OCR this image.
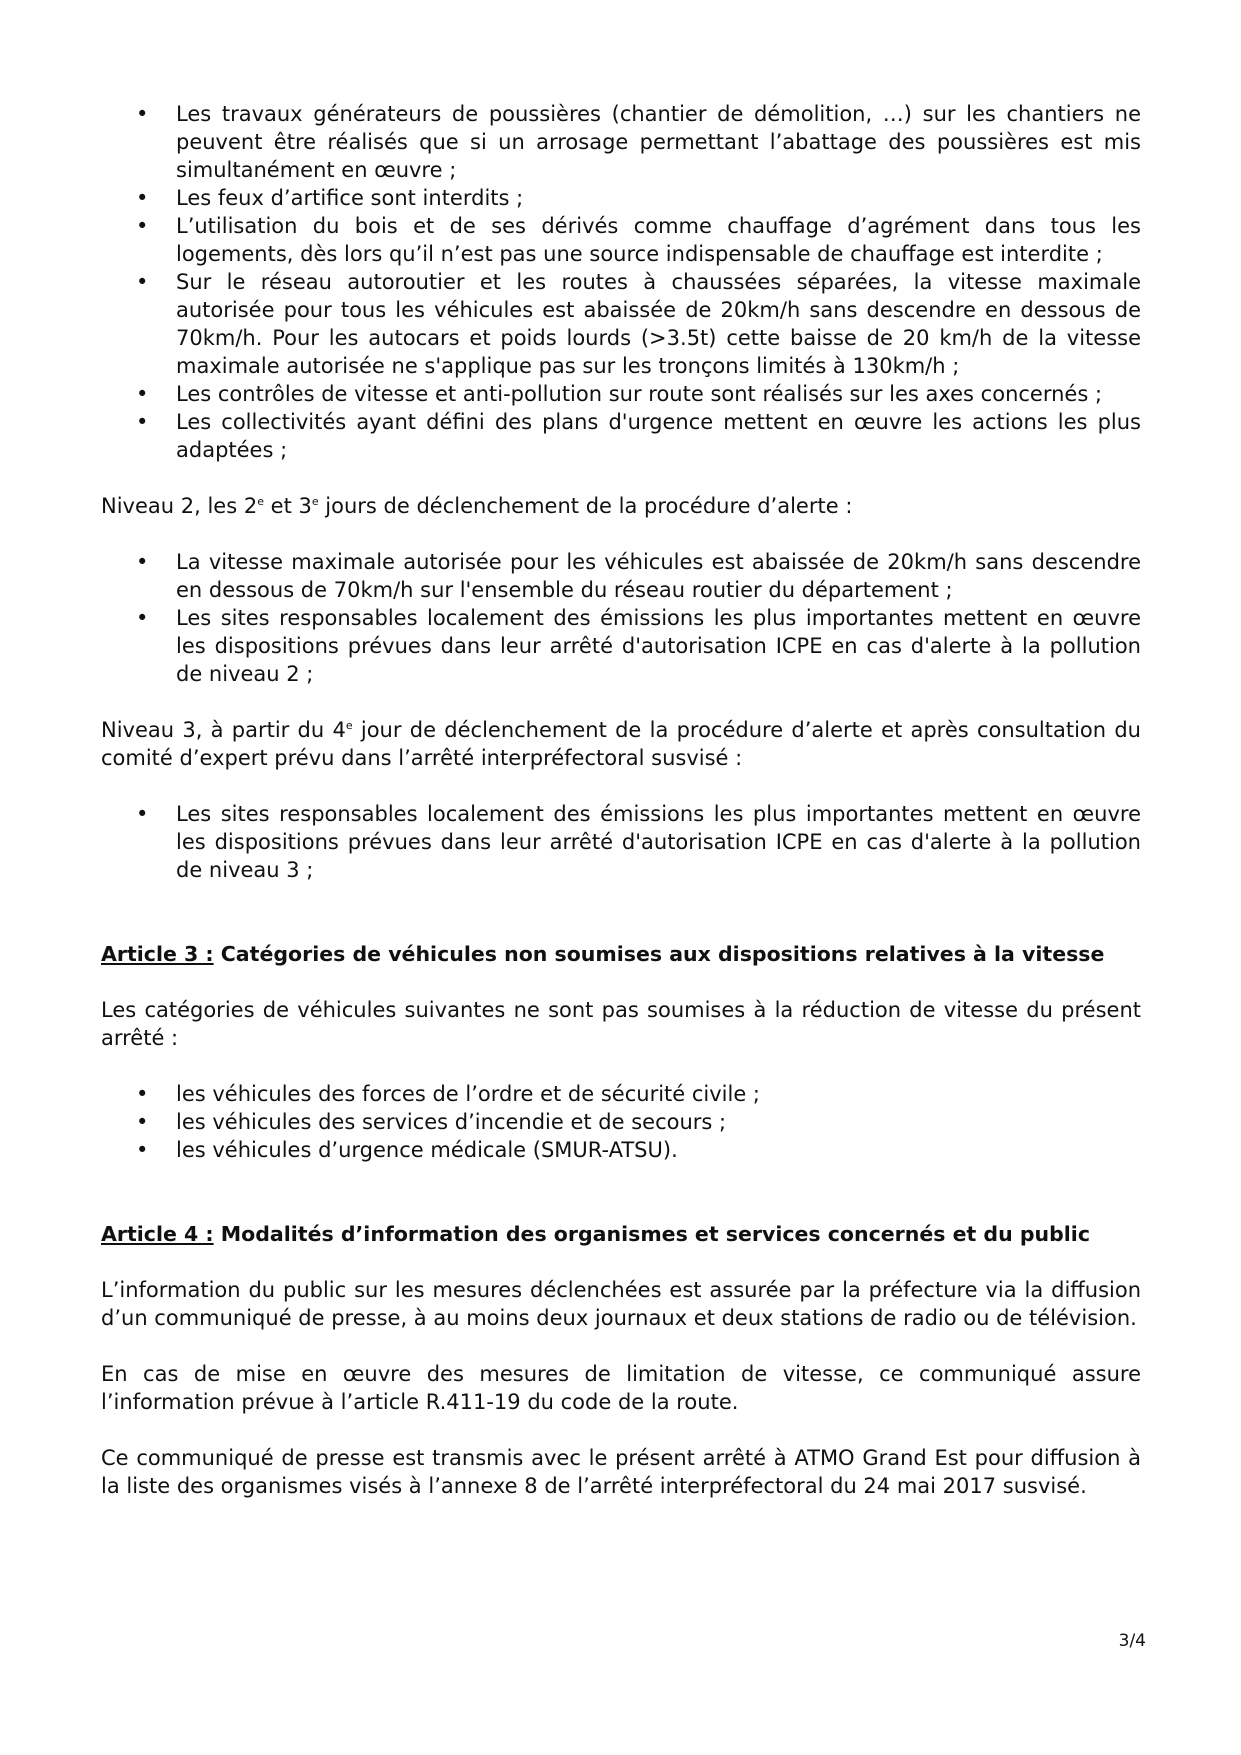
• Les travaux générateurs de poussières (chantier de démolition, …) sur les chantiers ne peuvent être réalisés que si un arrosage permettant l’abattage des poussières est mis simultanément en œuvre ;
• Les feux d’artifice sont interdits ;
• L’utilisation du bois et de ses dérivés comme chauffage d’agrément dans tous les logements, dès lors qu’il n’est pas une source indispensable de chauffage est interdite ;
• Sur le réseau autoroutier et les routes à chaussées séparées, la vitesse maximale autorisée pour tous les véhicules est abaissée de 20km/h sans descendre en dessous de 70km/h. Pour les autocars et poids lourds (>3.5t) cette baisse de 20 km/h de la vitesse maximale autorisée ne s'applique pas sur les tronçons limités à 130km/h ;
• Les contrôles de vitesse et anti-pollution sur route sont réalisés sur les axes concernés ;
• Les collectivités ayant défini des plans d'urgence mettent en œuvre les actions les plus adaptées ;

Niveau 2, les 2e et 3e jours de déclenchement de la procédure d’alerte :

• La vitesse maximale autorisée pour les véhicules est abaissée de 20km/h sans descendre en dessous de 70km/h sur l'ensemble du réseau routier du département ;
• Les sites responsables localement des émissions les plus importantes mettent en œuvre les dispositions prévues dans leur arrêté d'autorisation ICPE en cas d'alerte à la pollution de niveau 2 ;

Niveau 3, à partir du 4e jour de déclenchement de la procédure d’alerte et après consultation du comité d’expert prévu dans l’arrêté interpréfectoral susvisé :

• Les sites responsables localement des émissions les plus importantes mettent en œuvre les dispositions prévues dans leur arrêté d'autorisation ICPE en cas d'alerte à la pollution de niveau 3 ;

Article 3 : Catégories de véhicules non soumises aux dispositions relatives à la vitesse

Les catégories de véhicules suivantes ne sont pas soumises à la réduction de vitesse du présent arrêté :

• les véhicules des forces de l’ordre et de sécurité civile ;
• les véhicules des services d’incendie et de secours ;
• les véhicules d’urgence médicale (SMUR-ATSU).

Article 4 : Modalités d’information des organismes et services concernés et du public

L’information du public sur les mesures déclenchées est assurée par la préfecture via la diffusion d’un communiqué de presse, à au moins deux journaux et deux stations de radio ou de télévision.

En cas de mise en œuvre des mesures de limitation de vitesse, ce communiqué assure l’information prévue à l’article R.411-19 du code de la route.

Ce communiqué de presse est transmis avec le présent arrêté à ATMO Grand Est pour diffusion à la liste des organismes visés à l’annexe 8 de l’arrêté interpréfectoral du 24 mai 2017 susvisé.

3/4
